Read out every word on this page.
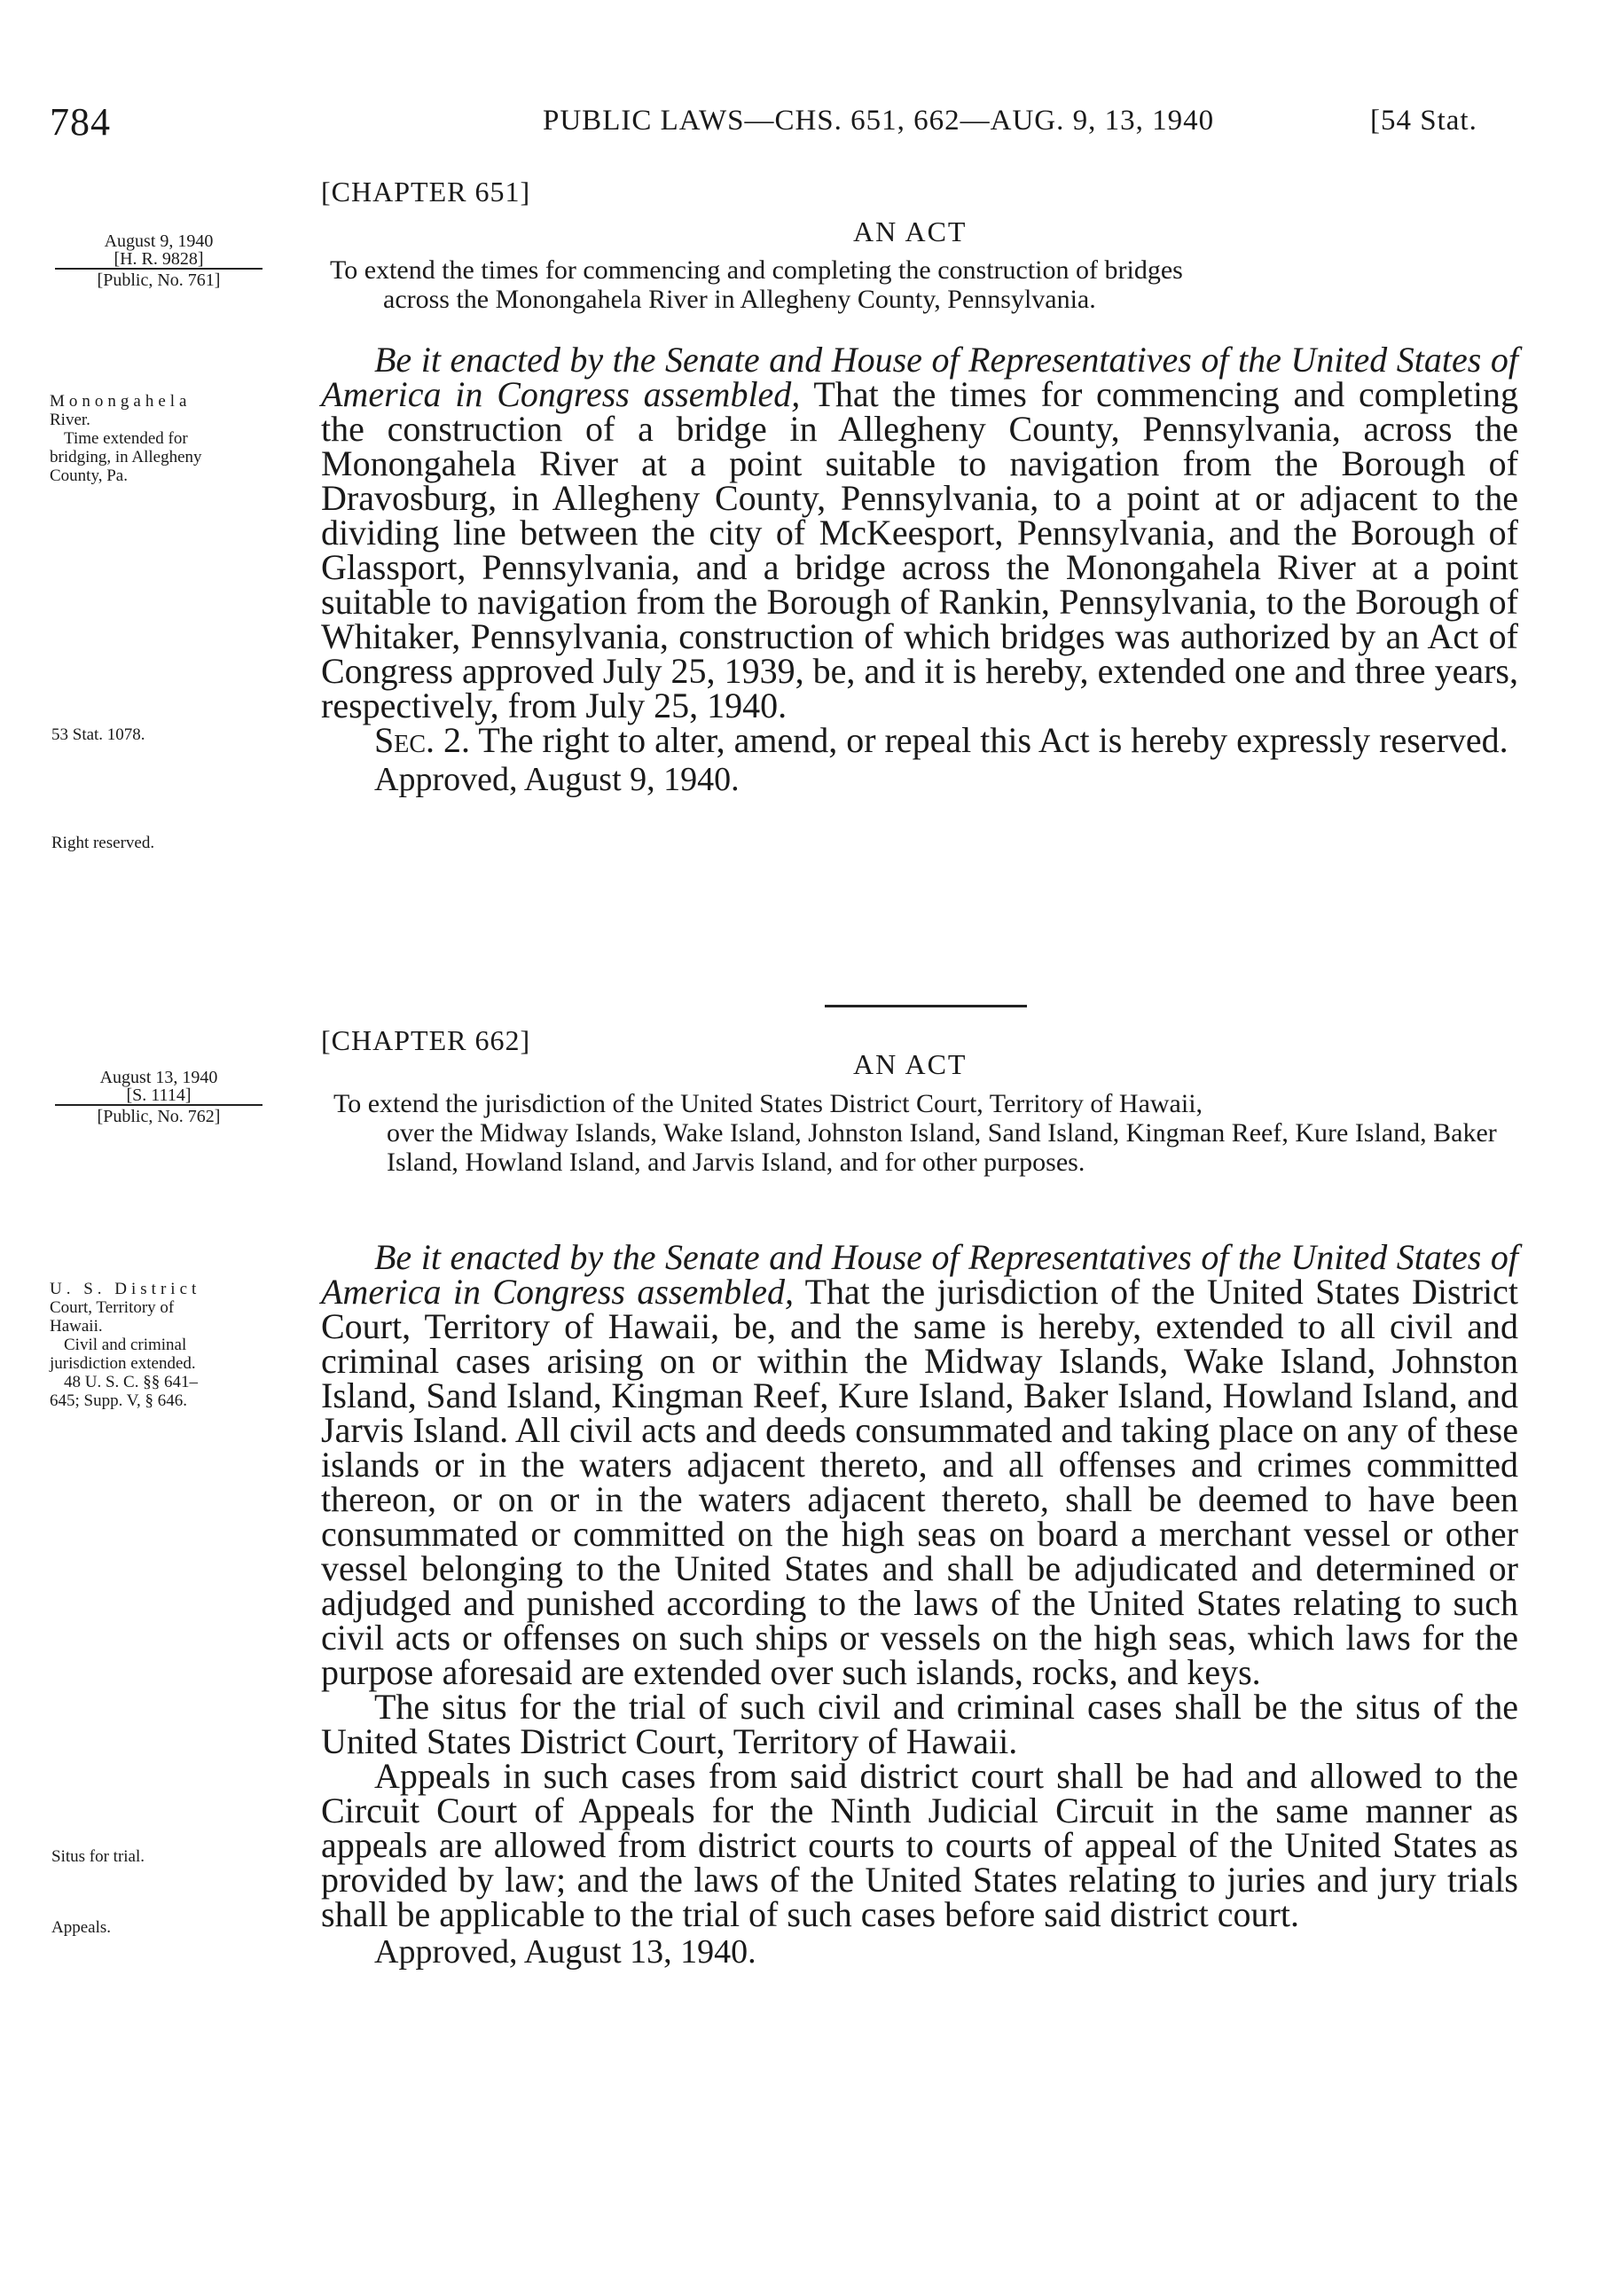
784	PUBLIC LAWS—CHS. 651, 662—AUG. 9, 13, 1940	[54 Stat.
[CHAPTER 651]
AN ACT
To extend the times for commencing and completing the construction of bridges
across the Monongahela River in Allegheny County, Pennsylvania.
August 9, 1940
[H. R. 9828]
[Public, No. 761]
Monongahela
River.
Time extended for
bridging, in Allegheny
County, Pa.
53 Stat. 1078.
Right reserved.

Be it enacted by the Senate and House of Representatives of the United States of America in Congress assembled, That the times for commencing and completing the construction of a bridge in Allegheny County, Pennsylvania, across the Monongahela River at a point suitable to navigation from the Borough of Dravosburg, in Allegheny County, Pennsylvania, to a point at or adjacent to the dividing line between the city of McKeesport, Pennsylvania, and the Borough of Glassport, Pennsylvania, and a bridge across the Monongahela River at a point suitable to navigation from the Borough of Rankin, Pennsylvania, to the Borough of Whitaker, Pennsylvania, construction of which bridges was authorized by an Act of Congress approved July 25, 1939, be, and it is hereby, extended one and three years, respectively, from July 25, 1940.

Sec. 2. The right to alter, amend, or repeal this Act is hereby expressly reserved.

Approved, August 9, 1940.

[CHAPTER 662]
AN ACT
To extend the jurisdiction of the United States District Court, Territory of Hawaii,
over the Midway Islands, Wake Island, Johnston Island, Sand Island, Kingman Reef, Kure Island, Baker Island, Howland Island, and Jarvis Island, and for other purposes.
August 13, 1940
[S. 1114]
[Public, No. 762]
U. S. District
Court, Territory of
Hawaii.
Civil and criminal
jurisdiction extended.
48 U. S. C. §§ 641–
645; Supp. V, § 646.
Situs for trial.
Appeals.

Be it enacted by the Senate and House of Representatives of the United States of America in Congress assembled, That the jurisdiction of the United States District Court, Territory of Hawaii, be, and the same is hereby, extended to all civil and criminal cases arising on or within the Midway Islands, Wake Island, Johnston Island, Sand Island, Kingman Reef, Kure Island, Baker Island, Howland Island, and Jarvis Island. All civil acts and deeds consummated and taking place on any of these islands or in the waters adjacent thereto, and all offenses and crimes committed thereon, or on or in the waters adjacent thereto, shall be deemed to have been consummated or committed on the high seas on board a merchant vessel or other vessel belonging to the United States and shall be adjudicated and determined or adjudged and punished according to the laws of the United States relating to such civil acts or offenses on such ships or vessels on the high seas, which laws for the purpose aforesaid are extended over such islands, rocks, and keys.

The situs for the trial of such civil and criminal cases shall be the situs of the United States District Court, Territory of Hawaii.

Appeals in such cases from said district court shall be had and allowed to the Circuit Court of Appeals for the Ninth Judicial Circuit in the same manner as appeals are allowed from district courts to courts of appeal of the United States as provided by law; and the laws of the United States relating to juries and jury trials shall be applicable to the trial of such cases before said district court.

Approved, August 13, 1940.
